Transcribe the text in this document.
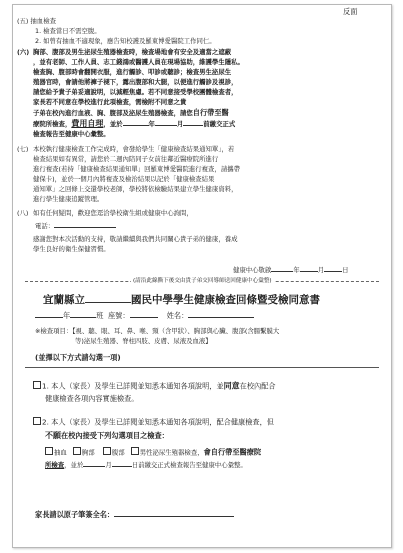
反面
(五) 抽血檢查
1. 檢查當日不需空腹。
2. 如曾有抽血不適現象，應告知校護及羅東博愛醫院工作同仁。
(六) 胸部、腹部及男生泌尿生殖器檢查時，檢查場地會有安全及適當之遮蔽
，並有老師、工作人員、志工錢鴻或醫護人員在現場協助，維護學生隱私。
檢查胸、腹部時會翻開衣服，進行觸診、叩診或聽診；檢查男生泌尿生
殖器官時，會請他將褲子褪下，露出腹部和大腿，以便進行觸診及視診，
請您給予貴子弟妥適說明，以減輕焦慮。若不同意接受學校團體檢查者，
家長若不同意在學校進行此項檢查，需檢附不同意之貴
子弟在校內進行血液、胸、腹部及泌尿生殖器檢查，請您自行帶至醫
療院所檢查，費用自理，並於	年	月	前繳交正式
檢查報告至健康中心彙整。
(七) 本校執行健康檢查工作完成時，會發給學生「健康檢查結果通知單」，若
檢查結果如有異常，請您於二週內陪同子女前往鄰近醫療院所進行
進行複查(若持「健康檢查結果通知單」回羅東博愛醫院進行複查，請攜帶
健保卡)，並於一個月內將複查及檢治結果以記於「健康檢查結果
通知單」之回條上交還學校老師，學校將依檢驗結果建立學生健康資料，
進行學生健康追蹤管理。
(八) 如有任何疑問，歡迎您逕洽學校衛生組或健康中心詢問，
電話：
感謝您對本次活動的支持，敬請繼續與我們共同關心貴子弟的健康，養成
學生良好的衛生保健習慣。
健康中心敬啟	年	月	日
(請沿此線撕下後交由貴子弟交回導師送回健康中心彙整)
宜蘭縣立	國民中學學生健康檢查回條暨受檢同意書
年	班 座號：	姓名：
※檢查項目：【視、聽、眼、耳、鼻、喉、頸（含甲狀）、胸部與心臟、腹部(含腸繫膜大
等)泌尿生殖器、脊柱四肢、皮膚、尿液及血液】
(並擇以下方式請勾選一項)
1. 本人（家長）及學生已詳閱並知悉本通知各項說明，並同意在校內配合
健康檢查各項內容實施檢查。
2. 本人（家長）及學生已詳閱並知悉本通知各項說明，配合健康檢查，但
不願在校內接受下列勾選項目之檢查：
抽血 胸部	腹部 男性泌尿生殖器檢查，會自行帶至醫療院
所檢查，並於	月	日前繳交正式檢查報告至健康中心彙整。
家長請以原子筆簽全名：
